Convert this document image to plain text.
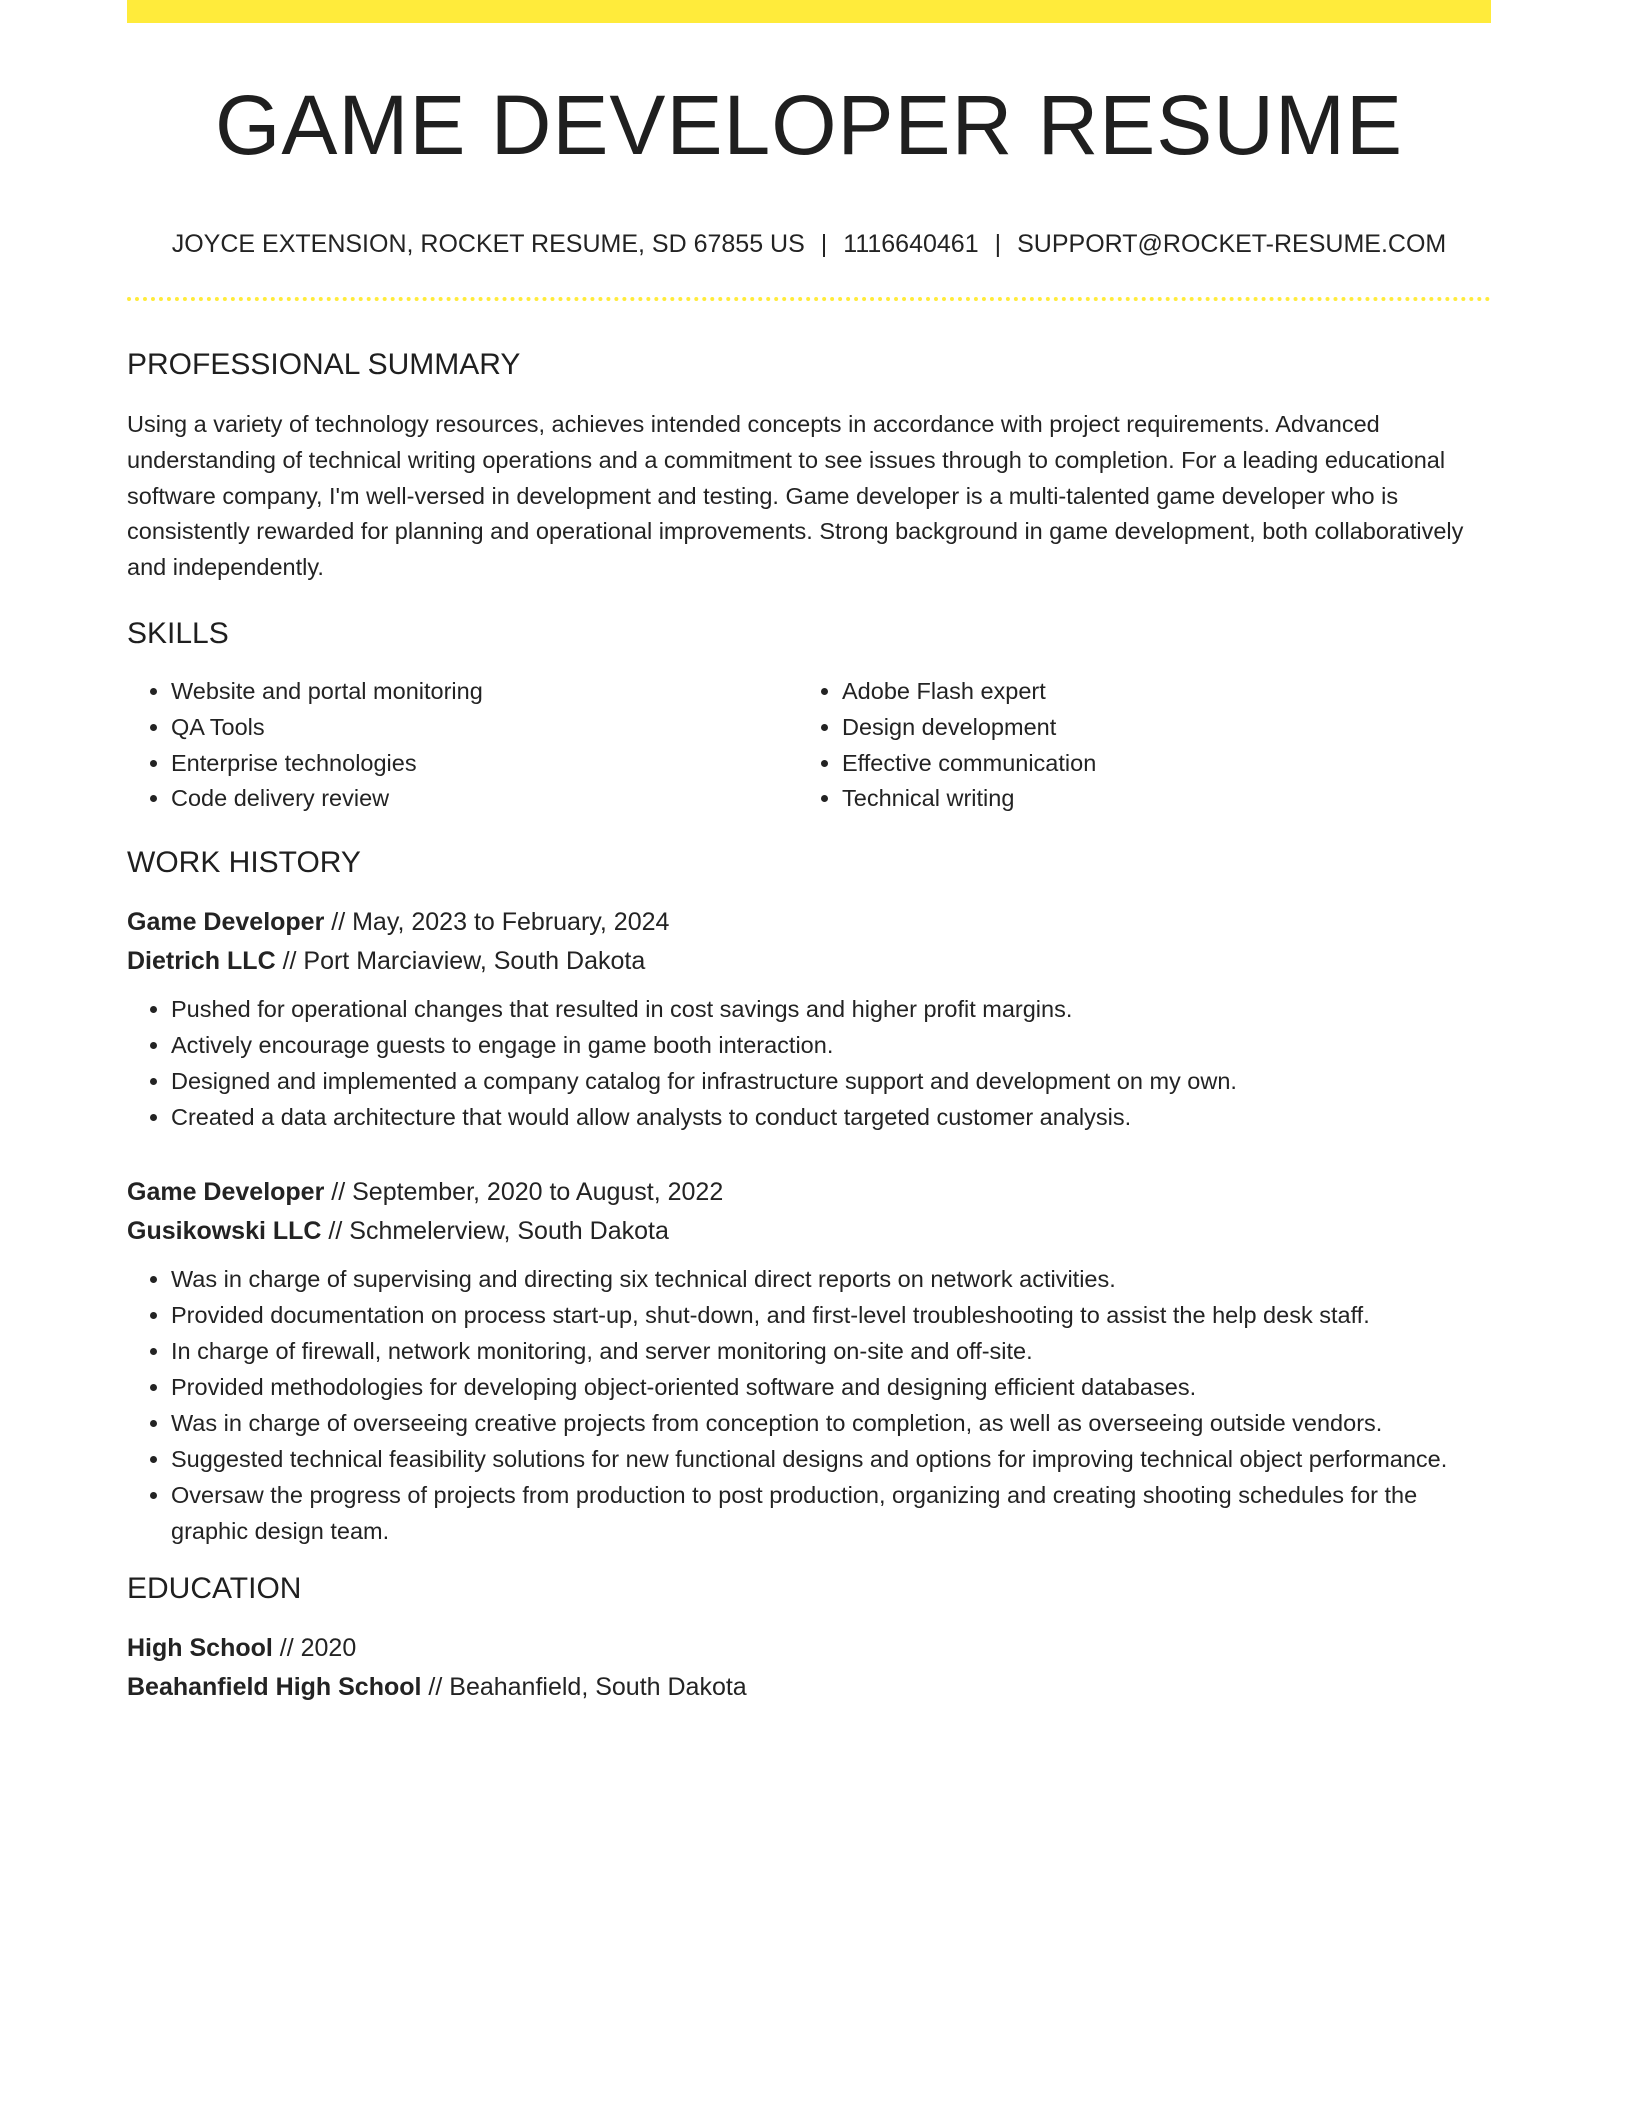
GAME DEVELOPER RESUME
JOYCE EXTENSION, ROCKET RESUME, SD 67855 US | 1116640461 | SUPPORT@ROCKET-RESUME.COM
PROFESSIONAL SUMMARY

Using a variety of technology resources, achieves intended concepts in accordance with project requirements. Advanced understanding of technical writing operations and a commitment to see issues through to completion. For a leading educational software company, I'm well-versed in development and testing. Game developer is a multi-talented game developer who is consistently rewarded for planning and operational improvements. Strong background in game development, both collaboratively and independently.

SKILLS
• Website and portal monitoring
• QA Tools
• Enterprise technologies
• Code delivery review
• Adobe Flash expert
• Design development
• Effective communication
• Technical writing
WORK HISTORY
Game Developer // May, 2023 to February, 2024
Dietrich LLC // Port Marciaview, South Dakota
• Pushed for operational changes that resulted in cost savings and higher profit margins.
• Actively encourage guests to engage in game booth interaction.
• Designed and implemented a company catalog for infrastructure support and development on my own.
• Created a data architecture that would allow analysts to conduct targeted customer analysis.
Game Developer // September, 2020 to August, 2022
Gusikowski LLC // Schmelerview, South Dakota
• Was in charge of supervising and directing six technical direct reports on network activities.
• Provided documentation on process start-up, shut-down, and first-level troubleshooting to assist the help desk staff.
• In charge of firewall, network monitoring, and server monitoring on-site and off-site.
• Provided methodologies for developing object-oriented software and designing efficient databases.
• Was in charge of overseeing creative projects from conception to completion, as well as overseeing outside vendors.
• Suggested technical feasibility solutions for new functional designs and options for improving technical object performance.
• Oversaw the progress of projects from production to post production, organizing and creating shooting schedules for the graphic design team.
EDUCATION
High School // 2020
Beahanfield High School // Beahanfield, South Dakota
